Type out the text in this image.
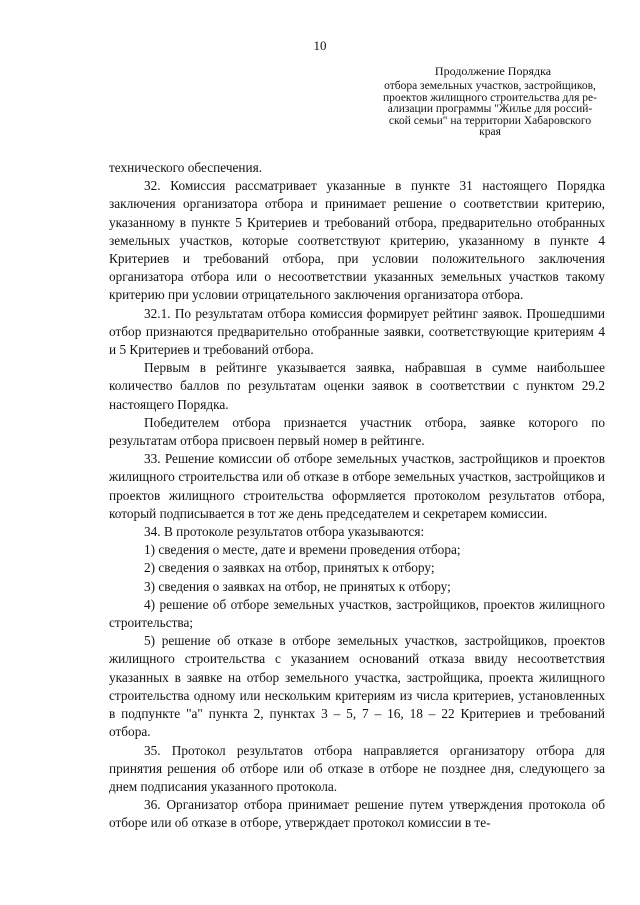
10
Продолжение Порядка
отбора земельных участков, застройщиков,
проектов жилищного строительства для ре-
ализации программы "Жилье для россий-
ской семьи" на территории Хабаровского
края

технического обеспечения.

32. Комиссия рассматривает указанные в пункте 31 настоящего Порядка заключения организатора отбора и принимает решение о соответствии критерию, указанному в пункте 5 Критериев и требований отбора, предварительно отобранных земельных участков, которые соответствуют критерию, указанному в пункте 4 Критериев и требований отбора, при условии положительного заключения организатора отбора или о несоответствии указанных земельных участков такому критерию при условии отрицательного заключения организатора отбора.

32.1. По результатам отбора комиссия формирует рейтинг заявок. Прошедшими отбор признаются предварительно отобранные заявки, соответствующие критериям 4 и 5 Критериев и требований отбора.

Первым в рейтинге указывается заявка, набравшая в сумме наибольшее количество баллов по результатам оценки заявок в соответствии с пунктом 29.2 настоящего Порядка.

Победителем отбора признается участник отбора, заявке которого по результатам отбора присвоен первый номер в рейтинге.

33. Решение комиссии об отборе земельных участков, застройщиков и проектов жилищного строительства или об отказе в отборе земельных участков, застройщиков и проектов жилищного строительства оформляется протоколом результатов отбора, который подписывается в тот же день председателем и секретарем комиссии.

34. В протоколе результатов отбора указываются:

1) сведения о месте, дате и времени проведения отбора;

2) сведения о заявках на отбор, принятых к отбору;

3) сведения о заявках на отбор, не принятых к отбору;

4) решение об отборе земельных участков, застройщиков, проектов жилищного строительства;

5) решение об отказе в отборе земельных участков, застройщиков, проектов жилищного строительства с указанием оснований отказа ввиду несоответствия указанных в заявке на отбор земельного участка, застройщика, проекта жилищного строительства одному или нескольким критериям из числа критериев, установленных в подпункте "а" пункта 2, пунктах 3 – 5, 7 – 16, 18 – 22 Критериев и требований отбора.

35. Протокол результатов отбора направляется организатору отбора для принятия решения об отборе или об отказе в отборе не позднее дня, следующего за днем подписания указанного протокола.

36. Организатор отбора принимает решение путем утверждения протокола об отборе или об отказе в отборе, утверждает протокол комиссии в те-
